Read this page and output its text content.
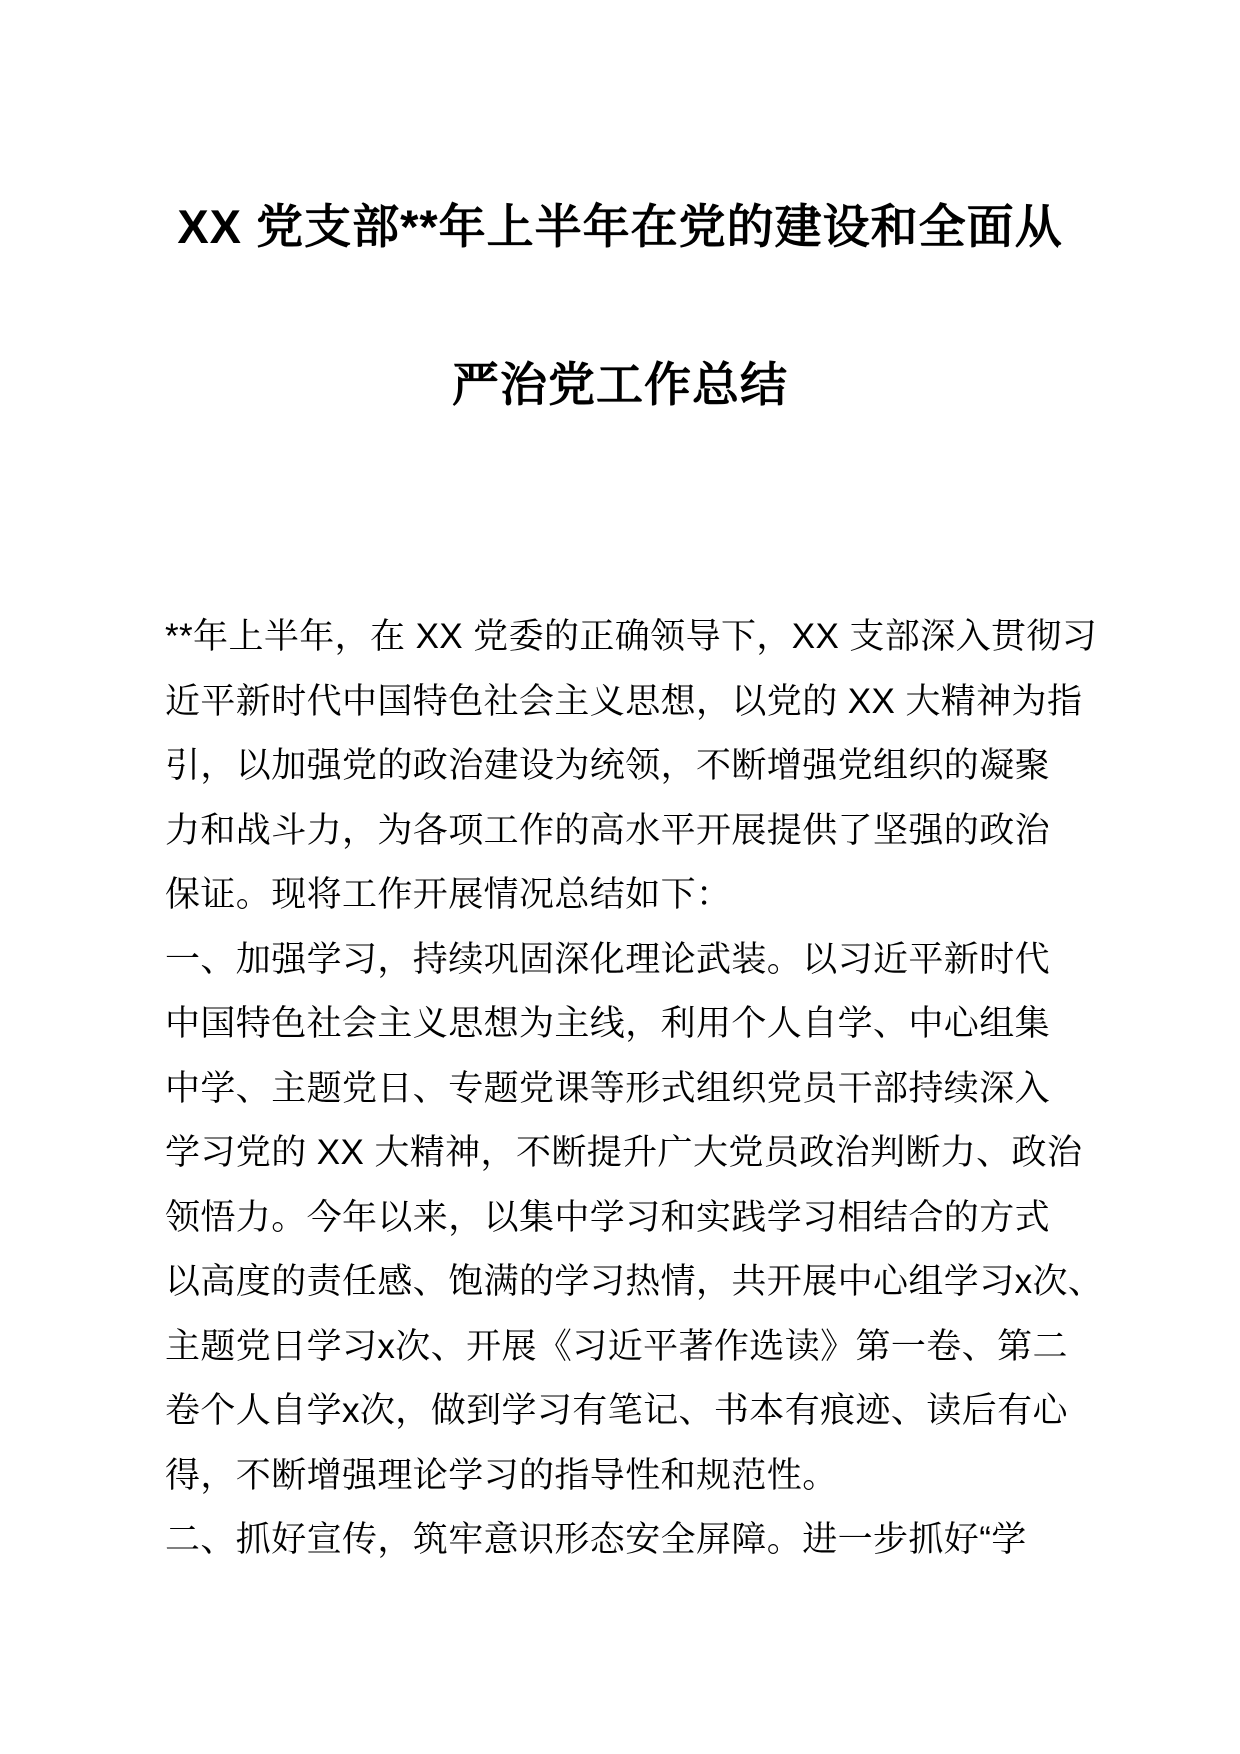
XX 党支部**年上半年在党的建设和全面从
严治党工作总结
**年上半年，在 XX 党委的正确领导下，XX 支部深入贯彻习
近平新时代中国特色社会主义思想，以党的 XX 大精神为指
引，以加强党的政治建设为统领，不断增强党组织的凝聚
力和战斗力，为各项工作的高水平开展提供了坚强的政治
保证。现将工作开展情况总结如下：
一、加强学习，持续巩固深化理论武装。以习近平新时代
中国特色社会主义思想为主线，利用个人自学、中心组集
中学、主题党日、专题党课等形式组织党员干部持续深入
学习党的 XX 大精神，不断提升广大党员政治判断力、政治
领悟力。今年以来，以集中学习和实践学习相结合的方式
以高度的责任感、饱满的学习热情，共开展中心组学习x次、
主题党日学习x次、开展《习近平著作选读》第一卷、第二
卷个人自学x次，做到学习有笔记、书本有痕迹、读后有心
得，不断增强理论学习的指导性和规范性。
二、抓好宣传，筑牢意识形态安全屏障。进一步抓好“学
